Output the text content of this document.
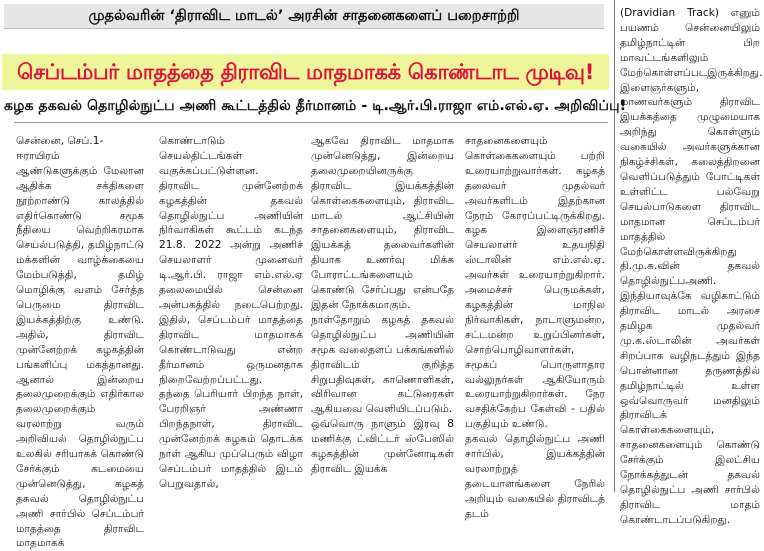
முதல்வரின் ‘திராவிட மாடல்’ அரசின் சாதனைகளைப் பறைசாற்றி
செப்டம்பர் மாதத்தை திராவிட மாதமாகக் கொண்டாட முடிவு!
கழக தகவல் தொழில்நுட்ப அணி கூட்டத்தில் தீர்மானம் - டி.ஆர்.பி.ராஜா எம்.எல்.ஏ. அறிவிப்பு!
சென்னை, செப்.1-
ஈராயிரம் ஆண்டுகளுக்கும் மேலான ஆதிக்க சக்திகளை நூற்றாண்டு காலத்தில் எதிர்கொண்டு சமூக நீதியை வெற்றிகரமாக செயல்படுத்தி, தமிழ்நாட்டு மக்களின் வாழ்க்கையை மேம்படுத்தி, தமிழ் மொழிக்கு வளம் சேர்த்த பெருமை திராவிட இயக்கத்திற்கு உண்டு. அதில், திராவிட முன்னேற்றக் கழகத்தின் பங்களிப்பு மகத்தானது. ஆனால் இன்றைய தலைமுறைக்கும் எதிர்கால தலைமுறைக்கும் வரலாற்று வரும் அறிவியல் தொழில்நுட்ப உலகில் சரியாகக் கொண்டு சேர்க்கும் கடமையை முன்னெடுத்து, கழகத் தகவல் தொழில்நுட்ப அணி சார்பில் செப்டம்பர் மாதத்தை திராவிட மாதமாகக்
கொண்டாடும் செயல்திட்டங்கள் வகுக்கப்பட்டுள்ளன.
திராவிட முன்னேற்றக் கழகத்தின் தகவல் தொழில்நுட்ப அணியின் நிர்வாகிகள் கூட்டம் கடந்த 21.8. 2022 அன்று அணிச் செயலாளர் முனைவர் டி.ஆர்.பி. ராஜா எம்.எல்.ஏ தலைமையில் சென்னை அன்பகத்தில் நடைபெற்றது. இதில், செப்டம்பர் மாதத்தை திராவிட மாதமாகக் கொண்டாடுவது என்ற தீர்மானம் ஒருமனதாக நிறைவேற்றப்பட்டது.
தந்தை பெரியார் பிறந்த நாள், பேரறிஞர் அண்ணா பிறந்தநாள், திராவிட முன்னேற்றக் கழகம் தொடக்க நாள் ஆகிய முப்பெரும் விழா செப்டம்பர் மாதத்தில் இடம் பெறுவதால்,
ஆகவே திராவிட மாதமாக முன்னெடுத்து, இன்றைய தலைமுறையினருக்கு திராவிட இயக்கத்தின் கொள்கைகளையும், திராவிட மாடல் ஆட்சியின் சாதனைகளையும், திராவிட இயக்கத் தலைவர்களின் தியாக உணர்வு மிக்க போராட்டங்களையும் கொண்டு சேர்ப்பது என்பதே இதன் நோக்கமாகும்.
நாள்தோறும் கழகத் தகவல் தொழில்நுட்ப அணியின் சமூக வலைதளப் பக்கங்களில் திராவிடம் குறித்த சிறுபதிவுகள், காணொளிகள், விரிவான கட்டுரைகள் ஆகியவை வெளியிடப்படும்.
ஒவ்வொரு நாளும் இரவு 8 மணிக்கு ட்விட்டர் ஸ்பேஸில் கழகத்தின் முன்னோடிகள் திராவிட இயக்க
சாதனைகளையும் கொள்கைகளையும் பற்றி உரையாற்றுவார்கள். கழகத் தலைவர் முதல்வர் அவர்களிடம் இதற்கான நேரம் கோரப்பட்டிருக்கிறது. கழக இளைஞரணிச் செயலாளர் உதயநிதி ஸ்டாலின் எம்.எல்.ஏ. அவர்கள் உரையாற்றுகிறார். அமைச்சர் பெருமக்கள், கழகத்தின் மாநில நிர்வாகிகள், நாடாளுமன்ற, சட்டமன்ற உறுப்பினர்கள், சொற்பொழிவாளர்கள், சமூகப் பொருளாதார வல்லுநர்கள் ஆகியோரும் உரையாற்றுகிறார்கள். நேர வசதிக்கேற்ப கேள்வி - பதில் பகுதியும் உண்டு.
தகவல் தொழில்நுட்ப அணி சார்பில், இயக்கத்தின் வரலாற்றுத் தடையாளங்களை நேரில் அறியும் வகையில் திராவிடத் தடம்
(Dravidian Track) எனும் பயணம் சென்னையிலும் தமிழ்நாட்டின் பிற மாவட்டங்களிலும் மேற்கொள்ளப்படஇருக்கிறது.
இளைஞர்களும், மாணவர்களும் திராவிட இயக்கத்தை முழுமையாக அறிந்து கொள்ளும் வகையில் அவர்களுக்கான நிகழ்ச்சிகள், கலைத்திறனை வெளிப்படுத்தும் போட்டிகள் உள்ளிட்ட பல்வேறு செயல்பாடுகளை திராவிட மாதமான செப்டம்பர் மாதத்தில் மேற்கொள்ளவிருக்கிறது தி.மு.க.வின் தகவல் தொழில்நுட்பஅணி.
இந்தியாவுக்கே வழிகாட்டும் திராவிட மாடல் அரசை தமிழக முதல்வர் மு.க.ஸ்டாலின் அவர்கள் சிறப்பாக வழிநடத்தும் இந்த பொன்னான தருணத்தில் தமிழ்நாட்டில் உள்ள ஒவ்வொருவர் மனதிலும் திராவிடக் கொள்கைகளையும், சாதனைகளையும் கொண்டு சேர்க்கும் இலட்சிய நோக்கத்துடன் தகவல் தொழில்நுட்ப அணி சார்பில் திராவிட மாதம் கொண்டாடப்படுகிறது.
